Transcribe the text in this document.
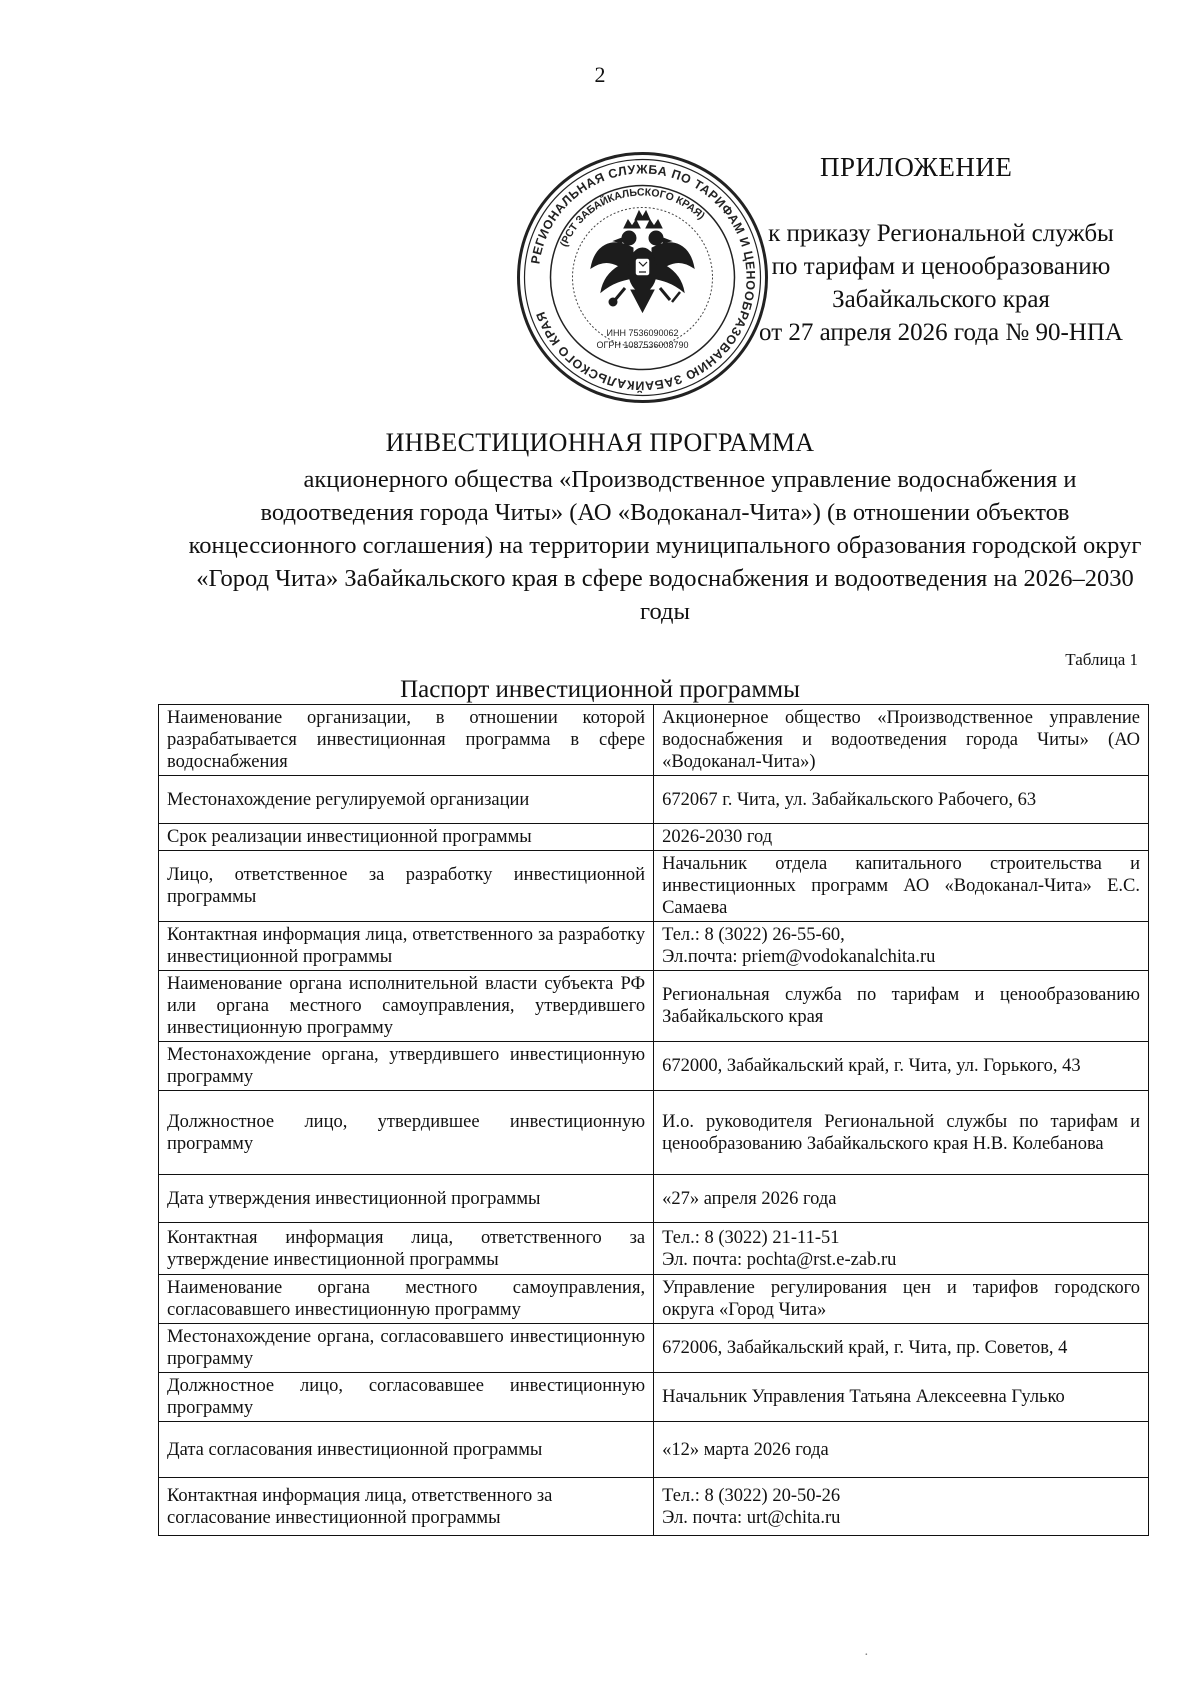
2
РЕГИОНАЛЬНАЯ СЛУЖБА ПО ТАРИФАМ И ЦЕНООБРАЗОВАНИЮ ЗАБАЙКАЛЬСКОГО КРАЯ
(РСТ ЗАБАЙКАЛЬСКОГО КРАЯ)
ИНН 7536090062
ОГРН 1087536008790
ПРИЛОЖЕНИЕ
к приказу Региональной службы
по тарифам и ценообразованию
Забайкальского края
от 27 апреля 2026 года № 90-НПА
ИНВЕСТИЦИОННАЯ ПРОГРАММА
акционерного общества «Производственное управление водоснабжения и водоотведения города Читы» (АО «Водоканал-Чита») (в отношении объектов концессионного соглашения) на территории муниципального образования городской округ «Город Чита» Забайкальского края в сфере водоснабжения и водоотведения на 2026–2030 годы
Таблица 1
Паспорт инвестиционной программы
Наименование организации, в отношении которой разрабатывается инвестиционная программа в сфере водоснабжения	Акционерное общество «Производственное управление водоснабжения и водоотведения города Читы» (АО «Водоканал-Чита»)
Местонахождение регулируемой организации	672067 г. Чита, ул. Забайкальского Рабочего, 63
Срок реализации инвестиционной программы	2026-2030 год
Лицо, ответственное за разработку инвестиционной программы	Начальник отдела капитального строительства и инвестиционных программ АО «Водоканал-Чита» Е.С. Самаева
Контактная информация лица, ответственного за разработку инвестиционной программы	Тел.: 8 (3022) 26-55-60,
Эл.почта: priem@vodokanalchita.ru
Наименование органа исполнительной власти субъекта РФ или органа местного самоуправления, утвердившего инвестиционную программу	Региональная служба по тарифам и ценообразованию Забайкальского края
Местонахождение органа, утвердившего инвестиционную программу	672000, Забайкальский край, г. Чита, ул. Горького, 43
Должностное лицо, утвердившее инвестиционную программу	И.о. руководителя Региональной службы по тарифам и ценообразованию Забайкальского края Н.В. Колебанова
Дата утверждения инвестиционной программы	«27» апреля 2026 года
Контактная информация лица, ответственного за утверждение инвестиционной программы	Тел.: 8 (3022) 21-11-51
Эл. почта: pochta@rst.e-zab.ru
Наименование органа местного самоуправления, согласовавшего инвестиционную программу	Управление регулирования цен и тарифов городского округа «Город Чита»
Местонахождение органа, согласовавшего инвестиционную программу	672006, Забайкальский край, г. Чита, пр. Советов, 4
Должностное лицо, согласовавшее инвестиционную программу	Начальник Управления Татьяна Алексеевна Гулько
Дата согласования инвестиционной программы	«12» марта 2026 года
Контактная информация лица, ответственного за согласование инвестиционной программы	Тел.: 8 (3022) 20-50-26
Эл. почта: urt@chita.ru
·
